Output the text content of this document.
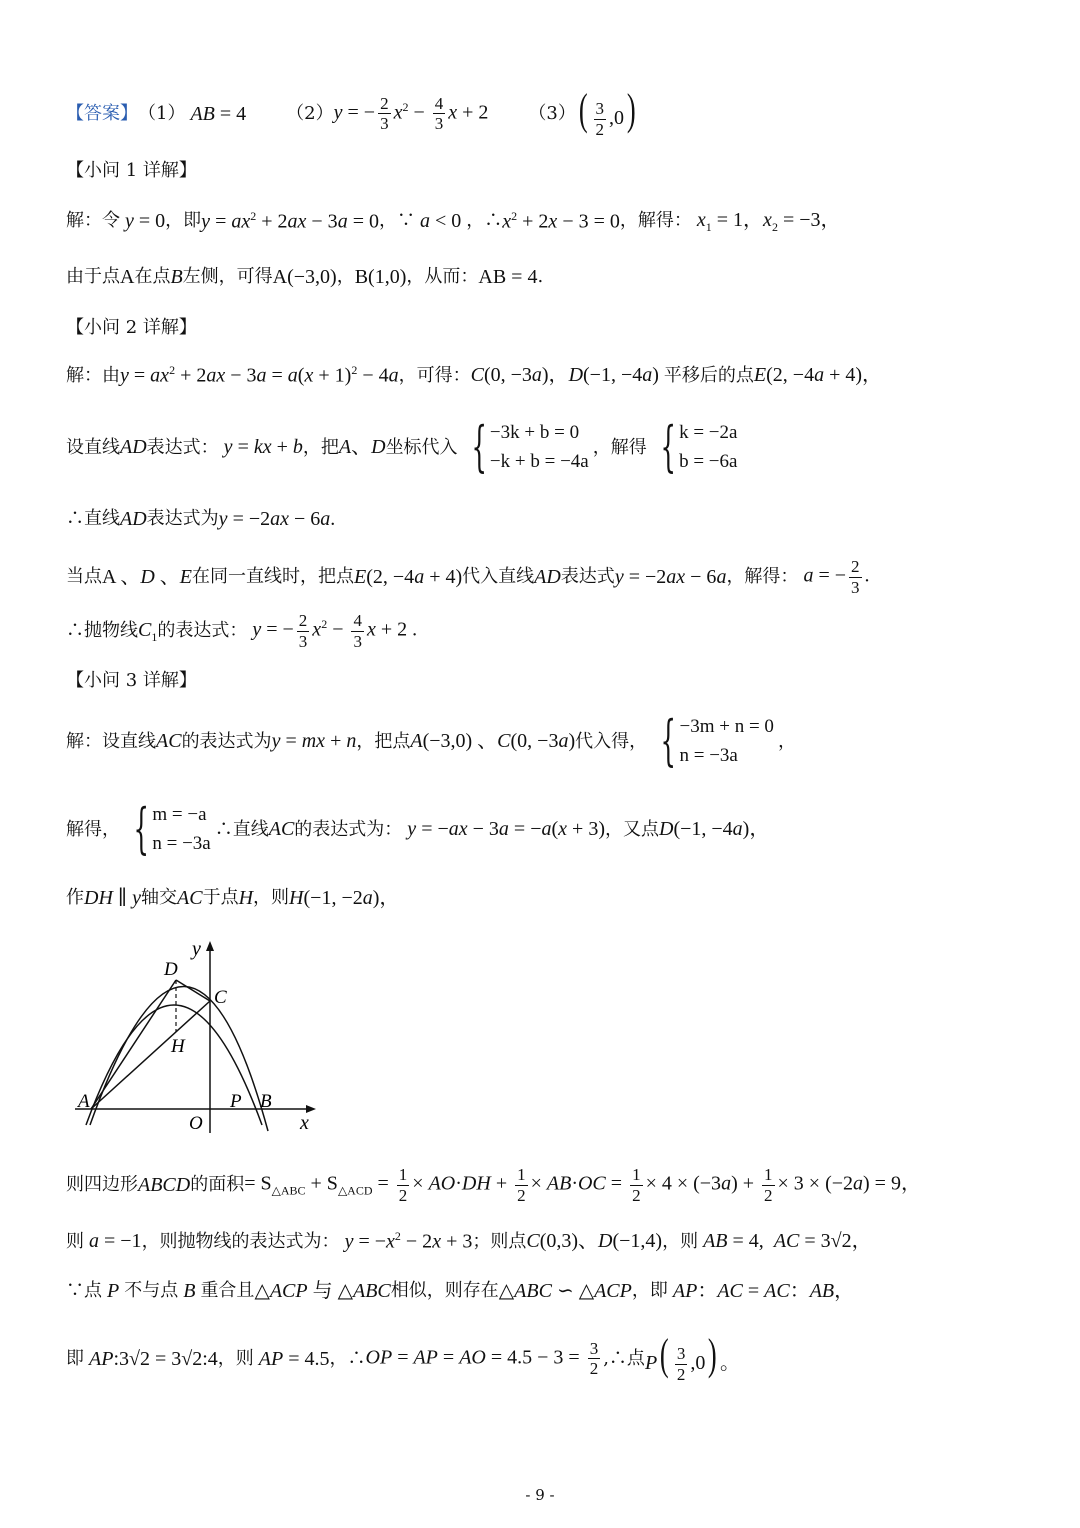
【答案】 （1） AB = 4 （2） y = − $\frac{2}{3} x^2 - \frac{4}{3}$ x + 2 （3） ( $\frac{3}{2} ,0$)
【小问 1 详解】
解：令 y = 0 ，即 $y = ax^2 + 2ax - 3a = 0$ ，∵ a < 0 ，∴ $x^2 + 2x - 3 = 0$ ，解得： $x_1 = 1$，$x_2 = -3$，
由于点 A 在点 B 左侧，可得 A(−3,0) ， B(1,0) ，从而： AB = 4 .
【小问 2 详解】
解：由 $y = ax^2 + 2ax - 3a = a(x + 1)^2 - 4a$ ，可得： C(0, −3a)，D(−1, −4a) 平移后的点 E(2, −4a + 4)，
设直线 AD 表达式： y = kx + b ，把 A、D 坐标代入 { −3k + b = 0
−k + b = −4a
，解得 { k = −2a
b = −6a
∴直线 AD 表达式为 y = −2ax − 6a.
当点 A 、D 、E 在同一直线时，把点 E(2, −4a + 4) 代入直线 AD 表达式 y = −2ax − 6a ，解得： a = − $\frac{2}{3}$ .
∴抛物线 $C_1$ 的表达式： y = − $\frac{2}{3} x^2 - \frac{4}{3}$ x + 2 .
【小问 3 详解】
解：设直线 AC 的表达式为 y = mx + n ，把点 A(−3,0) 、C(0, −3a) 代入得， { −3m + n = 0
n = −3a
，
解得， { m = −a
n = −3a
∴直线 AC 的表达式为： y = −ax − 3a = −a(x + 3) ，又点 D(−1, −4a)，
作 DH ∥ y 轴交 AC 于点 H ，则 H(−1, −2a)，
y
D
C
H
A	P B
O	x
则四边形 ABCD 的面积 = $S_{\triangle ABC} + S_{\triangle ACD} = \frac{1}{2} \times AO\cdot DH + \frac{1}{2} \times AB\cdot OC = \frac{1}{2} \times 4 \times (-3a) + \frac{1}{2} \times 3 \times (-2a) = 9$，
则 a = −1 ，则抛物线的表达式为： $y = -x^2 - 2x + 3$ ；则点 C(0,3)、D(−1,4) ，则 AB = 4,  AC = 3√2，
∵点 P 不与点 B 重合且 △ACP 与 △ABC 相似，则存在 △ABC ∽ △ACP ，即 AP：AC = AC：AB，
即 AP:3√2 = 3√2:4 ，则 AP = 4.5 ，∴ OP = AP = AO = $4.5 - 3 = \frac{3}{2}$ ,∴点 $P( \frac{3}{2} ,0)$ 。
- 9 -
